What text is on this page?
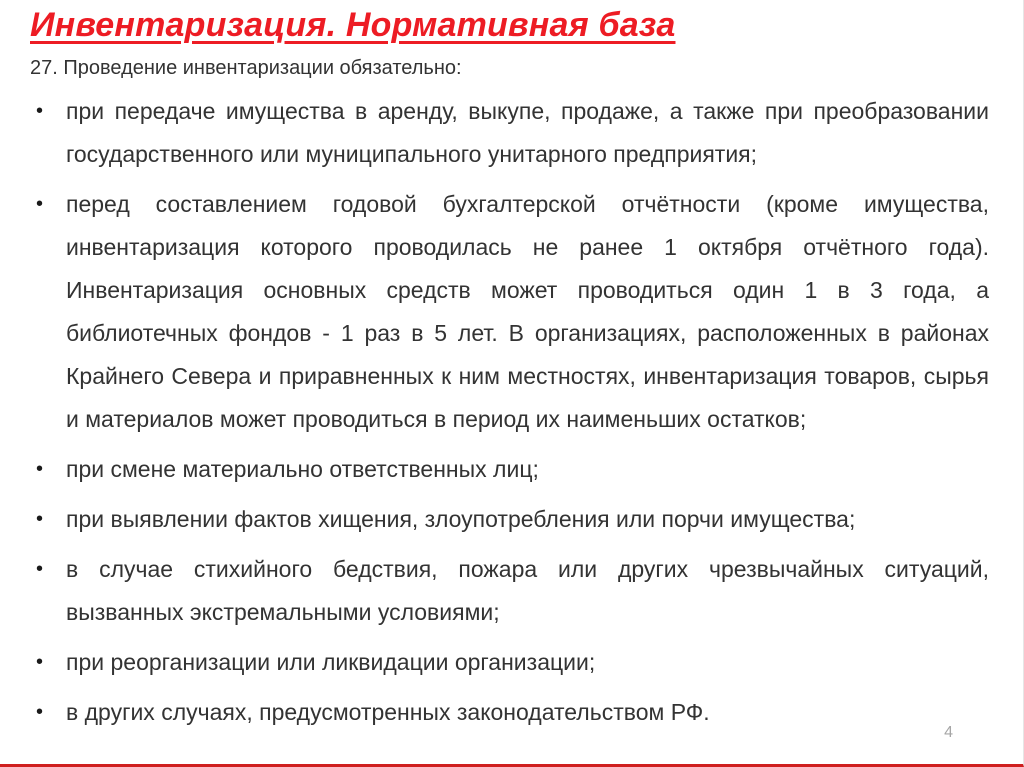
Инвентаризация. Нормативная база

27. Проведение инвентаризации обязательно:

• при передаче имущества в аренду, выкупе, продаже, а также при преобразовании государственного или муниципального унитарного предприятия;
• перед составлением годовой бухгалтерской отчётности (кроме имущества, инвентаризация которого проводилась не ранее 1 октября отчётного года). Инвентаризация основных средств может проводиться один 1 в 3 года, а библиотечных фондов - 1 раз в 5 лет. В организациях, расположенных в районах Крайнего Севера и приравненных к ним местностях, инвентаризация товаров, сырья и материалов может проводиться в период их наименьших остатков;
• при смене материально ответственных лиц;
• при выявлении фактов хищения, злоупотребления или порчи имущества;
• в случае стихийного бедствия, пожара или других чрезвычайных ситуаций, вызванных экстремальными условиями;
• при реорганизации или ликвидации организации;
• в других случаях, предусмотренных законодательством РФ.
4
